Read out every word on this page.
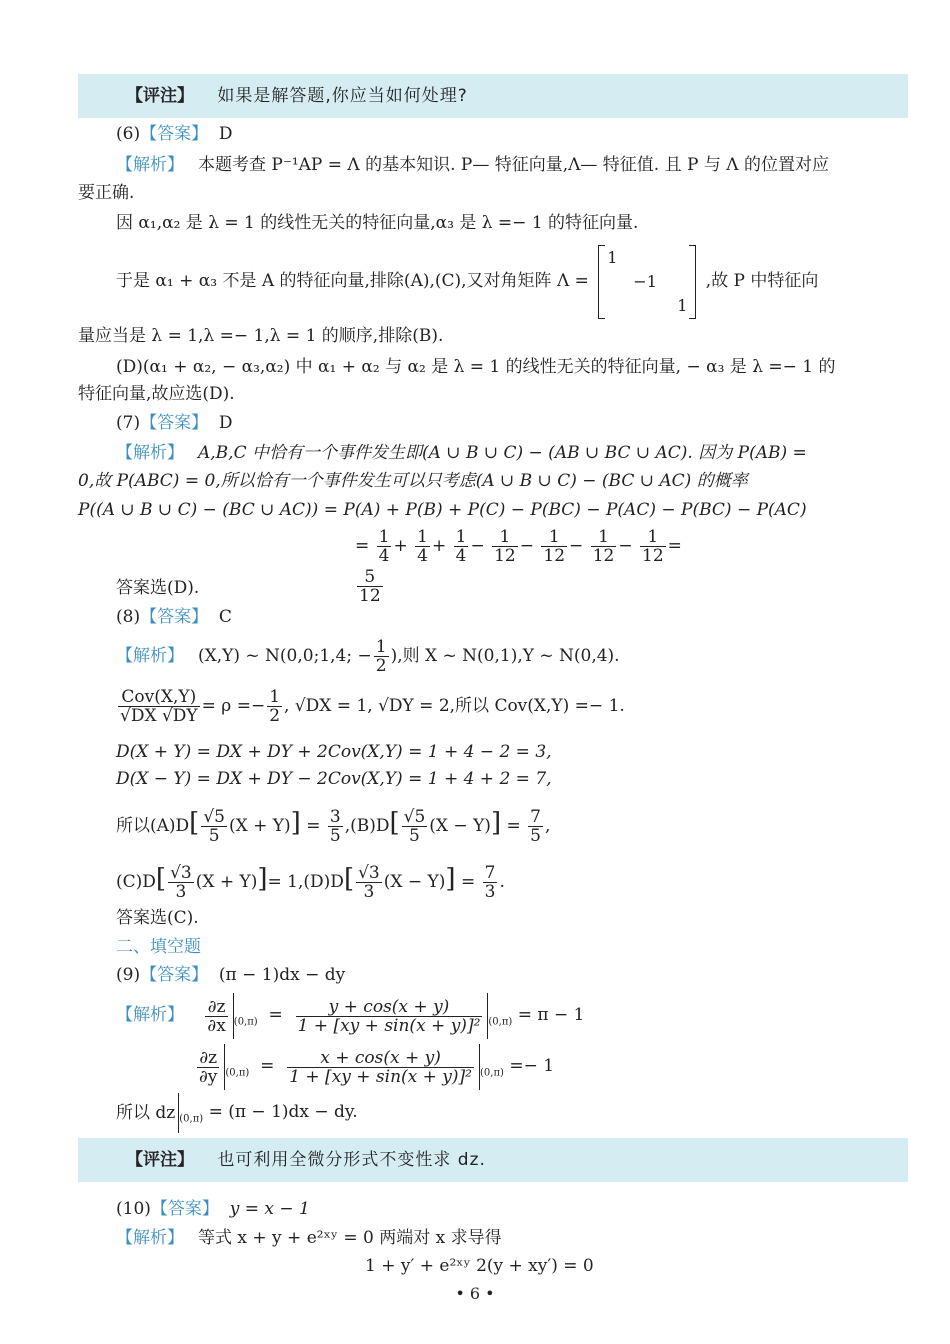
【评注】 如果是解答题,你应当如何处理?
(6)【答案】 D
【解析】 本题考查 P⁻¹AP = Λ 的基本知识. P— 特征向量,Λ— 特征值. 且 P 与 Λ 的位置对应
要正确.
因 α₁,α₂ 是 λ = 1 的线性无关的特征向量,α₃ 是 λ =− 1 的特征向量.
于是 α₁ + α₃ 不是 A 的特征向量,排除(A),(C),又对角矩阵 Λ =
1
−1
1
,故 P 中特征向
量应当是 λ = 1,λ =− 1,λ = 1 的顺序,排除(B).
(D)(α₁ + α₂, − α₃,α₂) 中 α₁ + α₂ 与 α₂ 是 λ = 1 的线性无关的特征向量, − α₃ 是 λ =− 1 的
特征向量,故应选(D).
(7)【答案】 D
【解析】 A,B,C 中恰有一个事件发生即(A ∪ B ∪ C) − (AB ∪ BC ∪ AC). 因为 P(AB) =
0,故 P(ABC) = 0,所以恰有一个事件发生可以只考虑(A ∪ B ∪ C) − (BC ∪ AC) 的概率
P((A ∪ B ∪ C) − (BC ∪ AC)) = P(A) + P(B) + P(C) − P(BC) − P(AC) − P(BC) − P(AC)
= $\frac{1}{4} + \frac{1}{4} + \frac{1}{4} - \frac{1}{12} - \frac{1}{12} - \frac{1}{12} - \frac{1}{12}$ =
$\frac{5}{12}$
答案选(D).
(8)【答案】 C
【解析】 (X,Y) ~ N(0,0;1,4; − $\frac{1}{2}$ ),则 X ~ N(0,1),Y ~ N(0,4).
$\frac{\text{Cov(X,Y)}}{√DX √DY} = \rho =- \frac{1}{2}$ , √DX = 1, √DY = 2,所以 Cov(X,Y) =− 1.
D(X + Y) = DX + DY + 2Cov(X,Y) = 1 + 4 − 2 = 3,
D(X − Y) = DX + DY − 2Cov(X,Y) = 1 + 4 + 2 = 7,
所以$(A)D[ \frac{√5}{5} (X + Y)] = \frac{3}{5} ,(B)D[ \frac{√5}{5} (X - Y)] = \frac{7}{5}$ ,
$(C)D[ \frac{√3}{3} (X + Y)]= 1,(D)D[ \frac{√3}{3} (X - Y)] = \frac{7}{3}$ .
答案选(C).
二、填空题
(9)【答案】 (π − 1)dx − dy
【解析】 $\frac{\partial z}{\partial x} _{(0,\pi)} = \frac{y + \cos(x + y)}{\text{1 + [xy + sin(x + y)]²}} _{(0,\pi)} = \pi - 1$
$\frac{\partial z}{\partial y} _{(0,\pi)} = \frac{x + \cos(x + y)}{\text{1 + [xy + sin(x + y)]²}} _{(0,\pi)} =- 1$
所以 dz $_{(0,\pi)}$ = (π − 1)dx − dy.
【评注】 也可利用全微分形式不变性求 dz.
(10)【答案】 y = x − 1
【解析】 等式 x + y + e²ˣʸ = 0 两端对 x 求导得
1 + y′ + e²ˣʸ 2(y + xy′) = 0
• 6 •
